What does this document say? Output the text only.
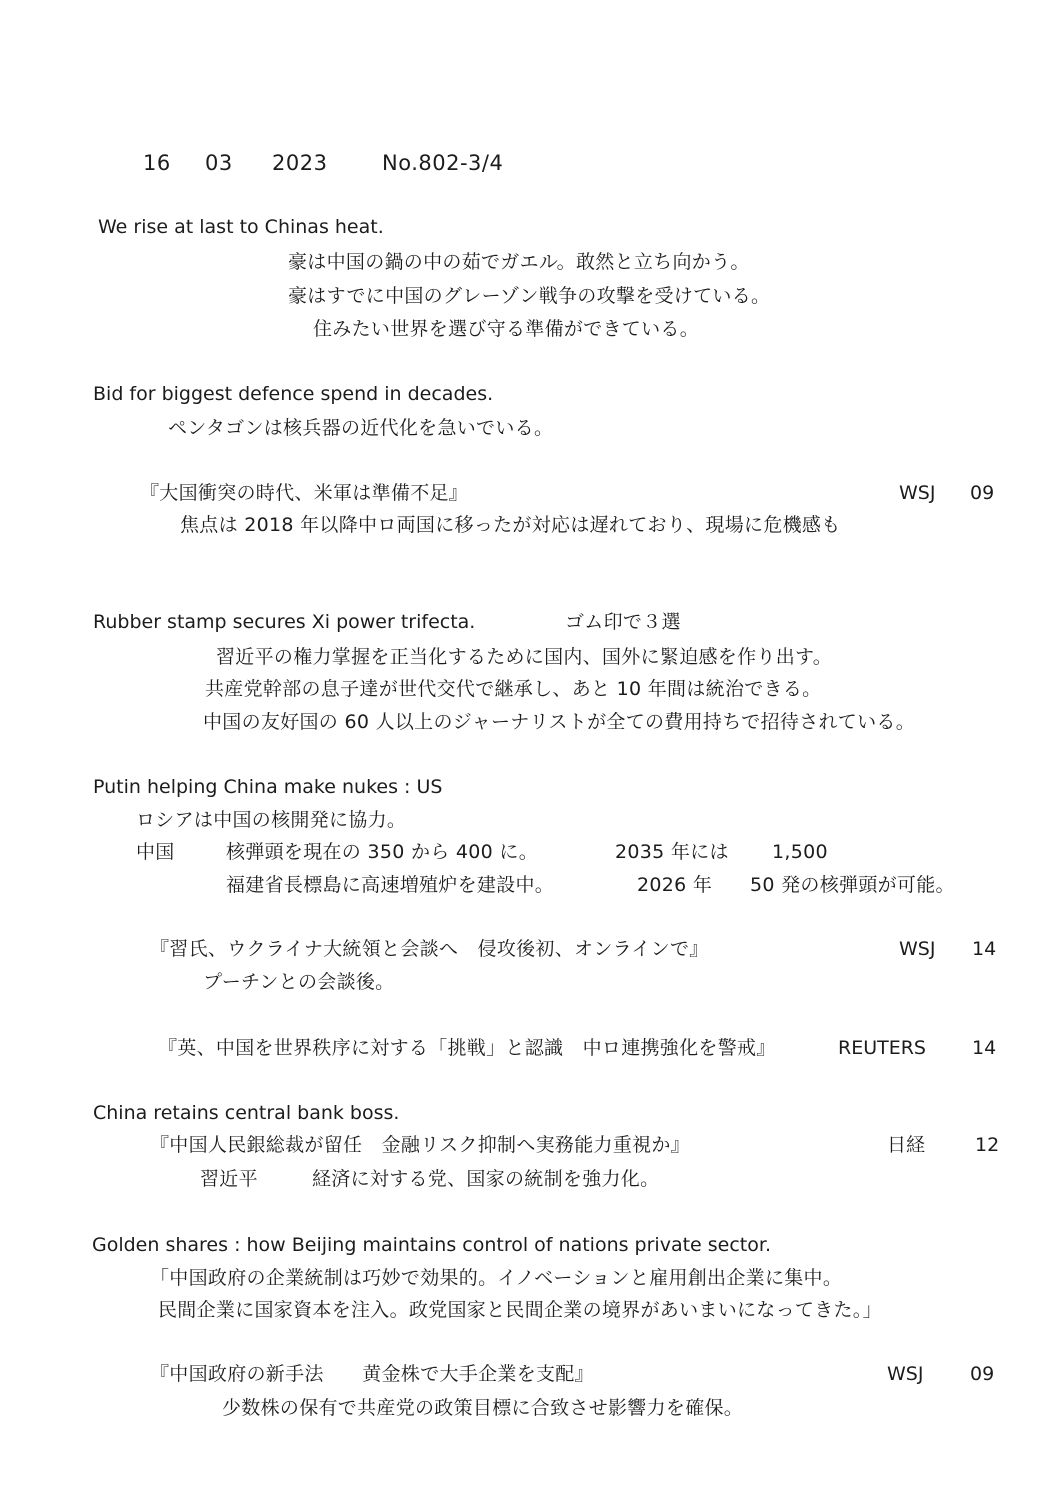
16 03 2023	No.802-3/4
We rise at last to Chinas heat.
豪は中国の鍋の中の茹でガエル。敢然と立ち向かう。
豪はすでに中国のグレーゾン戦争の攻撃を受けている。
住みたい世界を選び守る準備ができている。
Bid for biggest defence spend in decades.
ペンタゴンは核兵器の近代化を急いでいる。
『大国衝突の時代、米軍は準備不足』	WSJ 09
焦点は 2018 年以降中ロ両国に移ったが対応は遅れており、現場に危機感も
Rubber stamp secures Xi power trifecta.	ゴム印で３選
習近平の権力掌握を正当化するために国内、国外に緊迫感を作り出す。
共産党幹部の息子達が世代交代で継承し、あと 10 年間は統治できる。
中国の友好国の 60 人以上のジャーナリストが全ての費用持ちで招待されている。
Putin helping China make nukes : US
ロシアは中国の核開発に協力。
中国	核弾頭を現在の 350 から 400 に。	2035 年には 1,500
福建省長標島に高速増殖炉を建設中。	2026 年 50 発の核弾頭が可能。
『習氏、ウクライナ大統領と会談へ　侵攻後初、オンラインで』	WSJ 14
プーチンとの会談後。
『英、中国を世界秩序に対する「挑戦」と認識　中ロ連携強化を警戒』	REUTERS 14
China retains central bank boss.
『中国人民銀総裁が留任　金融リスク抑制へ実務能力重視か』	日経	12
習近平	経済に対する党、国家の統制を強力化。
Golden shares : how Beijing maintains control of nations private sector.
「中国政府の企業統制は巧妙で効果的。イノベーションと雇用創出企業に集中。
民間企業に国家資本を注入。政党国家と民間企業の境界があいまいになってきた。」
『中国政府の新手法　　黄金株で大手企業を支配』	WSJ 09
少数株の保有で共産党の政策目標に合致させ影響力を確保。
